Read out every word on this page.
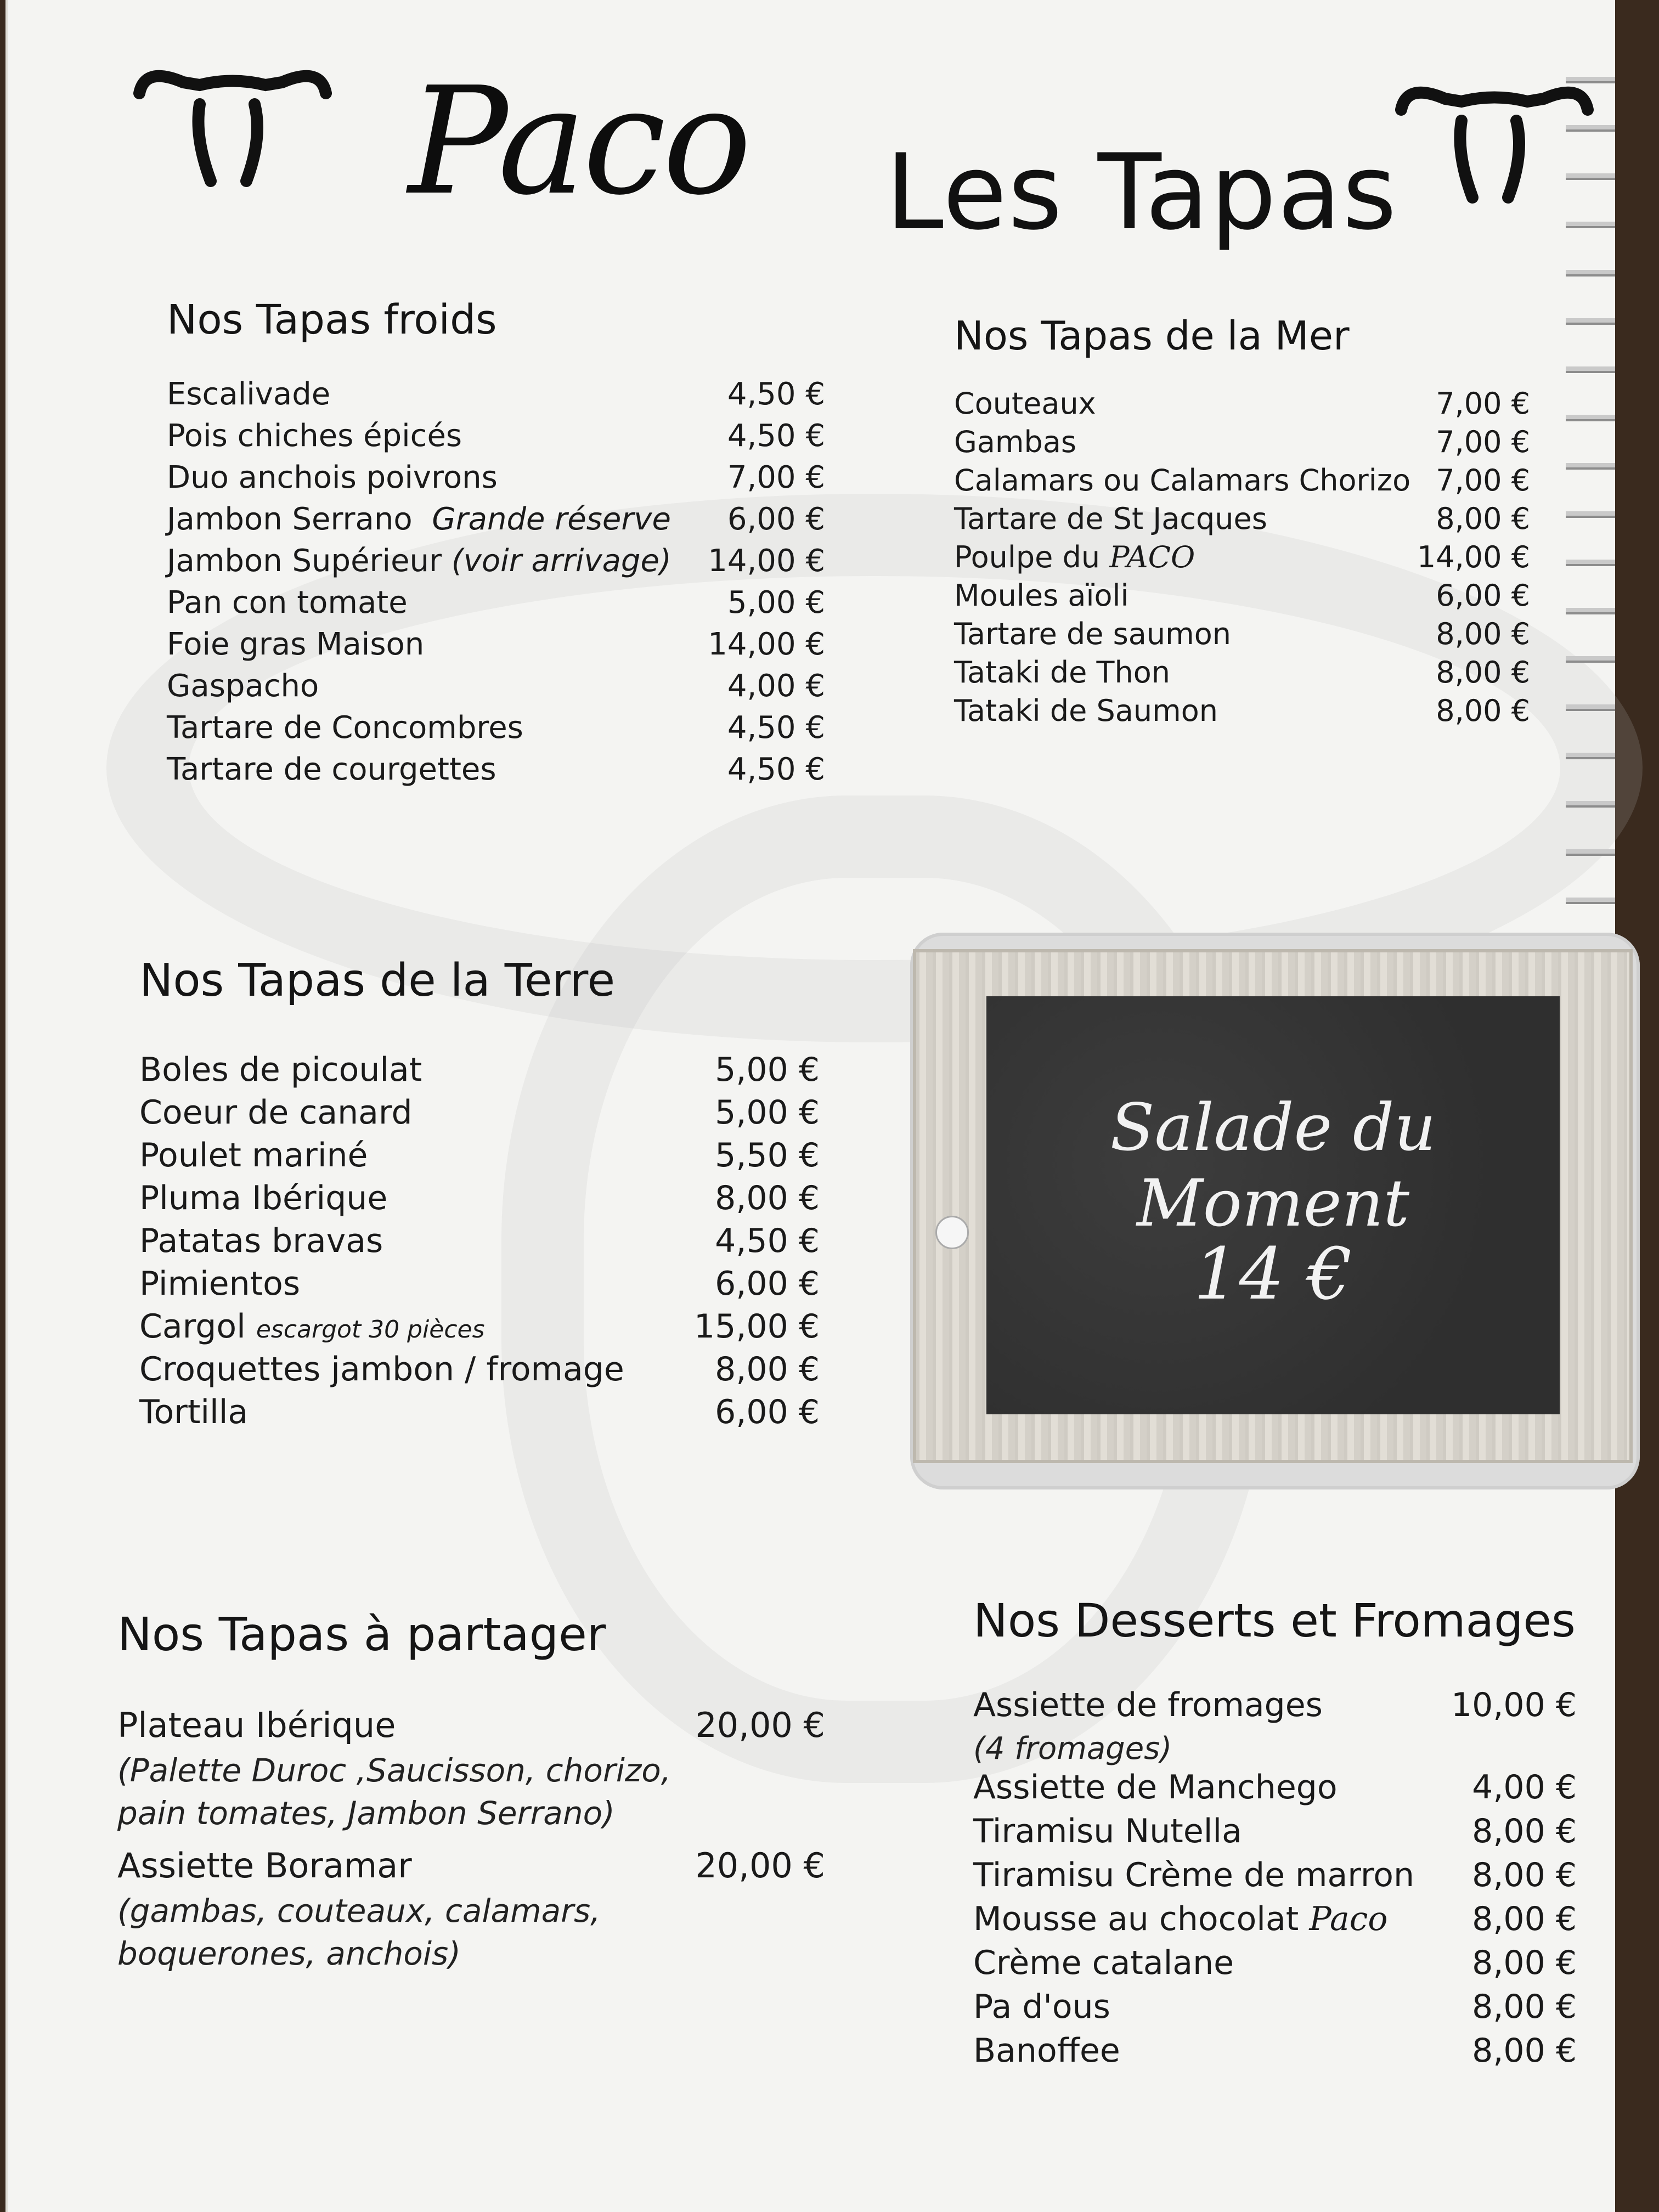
Paco Les Tapas
Nos Tapas froids
Escalivade	4,50 €
Pois chiches épicés	4,50 €
Duo anchois poivrons	7,00 €
Jambon Serrano Grande réserve 6,00 €
Jambon Supérieur (voir arrivage) 14,00 €
Pan con tomate	5,00 €
Foie gras Maison	14,00 €
Gaspacho	4,00 €
Tartare de Concombres	4,50 €
Tartare de courgettes	4,50 €
Nos Tapas de la Mer
Couteaux	7,00 €
Gambas	7,00 €
Calamars ou Calamars Chorizo 7,00 €
Tartare de St Jacques	8,00 €
Poulpe du PACO	14,00 €
Moules aïoli	6,00 €
Tartare de saumon	8,00 €
Tataki de Thon	8,00 €
Tataki de Saumon	8,00 €
Nos Tapas de la Terre
Boles de picoulat	5,00 €
Coeur de canard	5,00 €
Poulet mariné	5,50 €
Pluma Ibérique	8,00 €
Patatas bravas	4,50 €
Pimientos	6,00 €
Cargol escargot 30 pièces	15,00 €
Croquettes jambon / fromage	8,00 €
Tortilla	6,00 €
Salade du Moment
14 €
Nos Tapas à partager
Plateau Ibérique	20,00 €
(Palette Duroc ,Saucisson, chorizo,
pain tomates, Jambon Serrano)
Assiette Boramar	20,00 €
(gambas, couteaux, calamars,
boquerones, anchois)
Nos Desserts et Fromages
Assiette de fromages	10,00 €
(4 fromages)
Assiette de Manchego	4,00 €
Tiramisu Nutella	8,00 €
Tiramisu Crème de marron 8,00 €
Mousse au chocolat Paco	8,00 €
Crème catalane	8,00 €
Pa d'ous	8,00 €
Banoffee	8,00 €
